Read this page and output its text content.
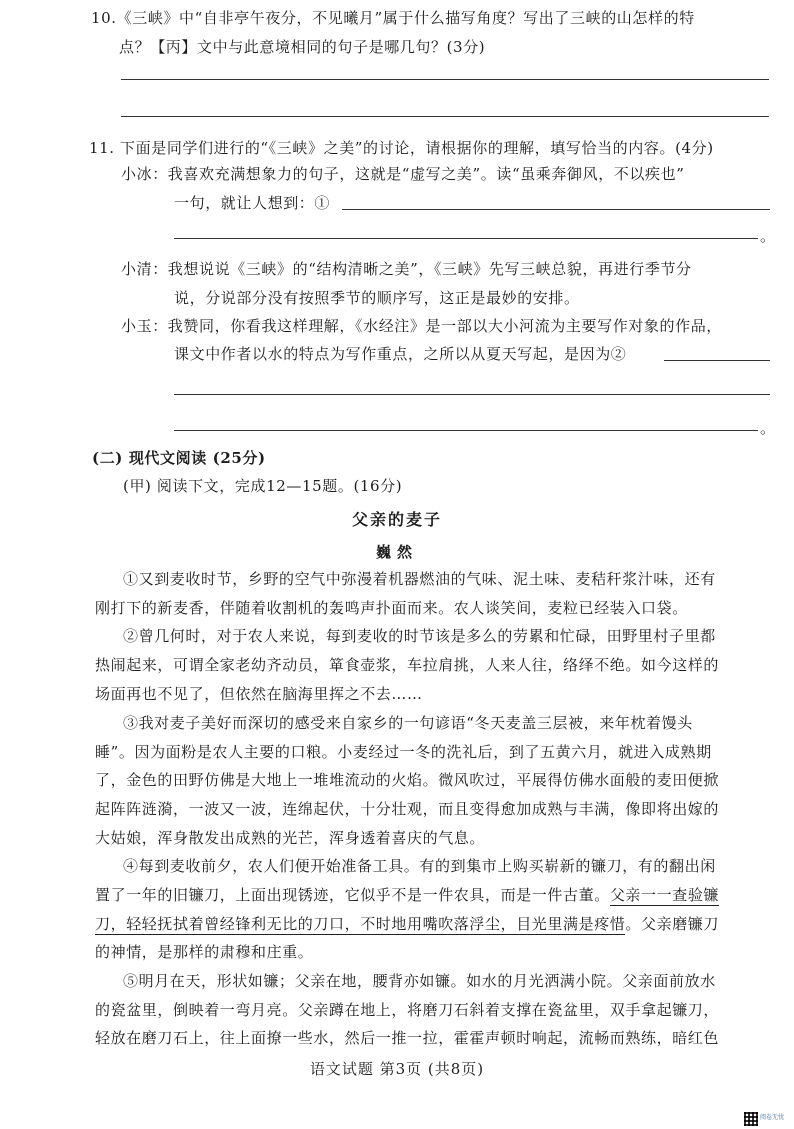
10.《三峡》中“自非亭午夜分，不见曦月”属于什么描写角度？写出了三峡的山怎样的特
点？【丙】文中与此意境相同的句子是哪几句？(3分)
11. 下面是同学们进行的“《三峡》之美”的讨论，请根据你的理解，填写恰当的内容。(4分)
小冰：我喜欢充满想象力的句子，这就是“虚写之美”。读“虽乘奔御风，不以疾也”
一句，就让人想到：①
。
小清：我想说说《三峡》的“结构清晰之美”，《三峡》先写三峡总貌，再进行季节分
说，分说部分没有按照季节的顺序写，这正是最妙的安排。
小玉：我赞同，你看我这样理解，《水经注》是一部以大小河流为主要写作对象的作品，
课文中作者以水的特点为写作重点，之所以从夏天写起，是因为②
。
(二) 现代文阅读 (25分)
(甲) 阅读下文，完成12—15题。(16分)
父亲的麦子
巍然
①又到麦收时节，乡野的空气中弥漫着机器燃油的气味、泥土味、麦秸秆浆汁味，还有
刚打下的新麦香，伴随着收割机的轰鸣声扑面而来。农人谈笑间，麦粒已经装入口袋。
②曾几何时，对于农人来说，每到麦收的时节该是多么的劳累和忙碌，田野里村子里都
热闹起来，可谓全家老幼齐动员，箪食壶浆，车拉肩挑，人来人往，络绎不绝。如今这样的
场面再也不见了，但依然在脑海里挥之不去……
③我对麦子美好而深切的感受来自家乡的一句谚语“冬天麦盖三层被，来年枕着馒头
睡”。因为面粉是农人主要的口粮。小麦经过一冬的洗礼后，到了五黄六月，就进入成熟期
了，金色的田野仿佛是大地上一堆堆流动的火焰。微风吹过，平展得仿佛水面般的麦田便掀
起阵阵涟漪，一波又一波，连绵起伏，十分壮观，而且变得愈加成熟与丰满，像即将出嫁的
大姑娘，浑身散发出成熟的光芒，浑身透着喜庆的气息。
④每到麦收前夕，农人们便开始准备工具。有的到集市上购买崭新的镰刀，有的翻出闲
置了一年的旧镰刀，上面出现锈迹，它似乎不是一件农具，而是一件古董。父亲一一查验镰
刀，轻轻抚拭着曾经锋利无比的刀口，不时地用嘴吹落浮尘，目光里满是疼惜。父亲磨镰刀
的神情，是那样的肃穆和庄重。
⑤明月在天，形状如镰；父亲在地，腰背亦如镰。如水的月光洒满小院。父亲面前放水
的瓷盆里，倒映着一弯月亮。父亲蹲在地上，将磨刀石斜着支撑在瓷盆里，双手拿起镰刀，
轻放在磨刀石上，往上面撩一些水，然后一推一拉，霍霍声顿时响起，流畅而熟练，暗红色
语文试题 第3页 (共8页)
阅卷无忧
